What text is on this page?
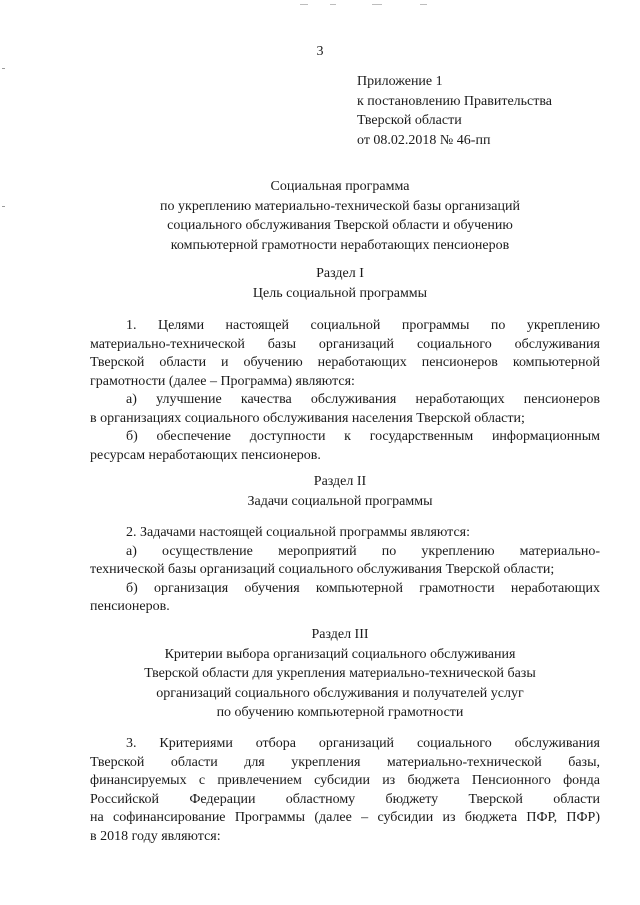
3
Приложение 1
к постановлению Правительства
Тверской области
от 08.02.2018 № 46-пп
Социальная программа
по укреплению материально-технической базы организаций
социального обслуживания Тверской области и обучению
компьютерной грамотности неработающих пенсионеров
Раздел I
Цель социальной программы
1. Целями настоящей социальной программы по укреплению
материально-технической базы организаций социального обслуживания
Тверской области и обучению неработающих пенсионеров компьютерной
грамотности (далее – Программа) являются:
а) улучшение качества обслуживания неработающих пенсионеров
в организациях социального обслуживания населения Тверской области;
б) обеспечение доступности к государственным информационным
ресурсам неработающих пенсионеров.
Раздел II
Задачи социальной программы
2. Задачами настоящей социальной программы являются:
а) осуществление мероприятий по укреплению материально-
технической базы организаций социального обслуживания Тверской области;
б) организация обучения компьютерной грамотности неработающих
пенсионеров.
Раздел III
Критерии выбора организаций социального обслуживания
Тверской области для укрепления материально-технической базы
организаций социального обслуживания и получателей услуг
по обучению компьютерной грамотности
3. Критериями отбора организаций социального обслуживания
Тверской области для укрепления материально-технической базы,
финансируемых с привлечением субсидии из бюджета Пенсионного фонда
Российской Федерации областному бюджету Тверской области
на софинансирование Программы (далее – субсидии из бюджета ПФР, ПФР)
в 2018 году являются:
